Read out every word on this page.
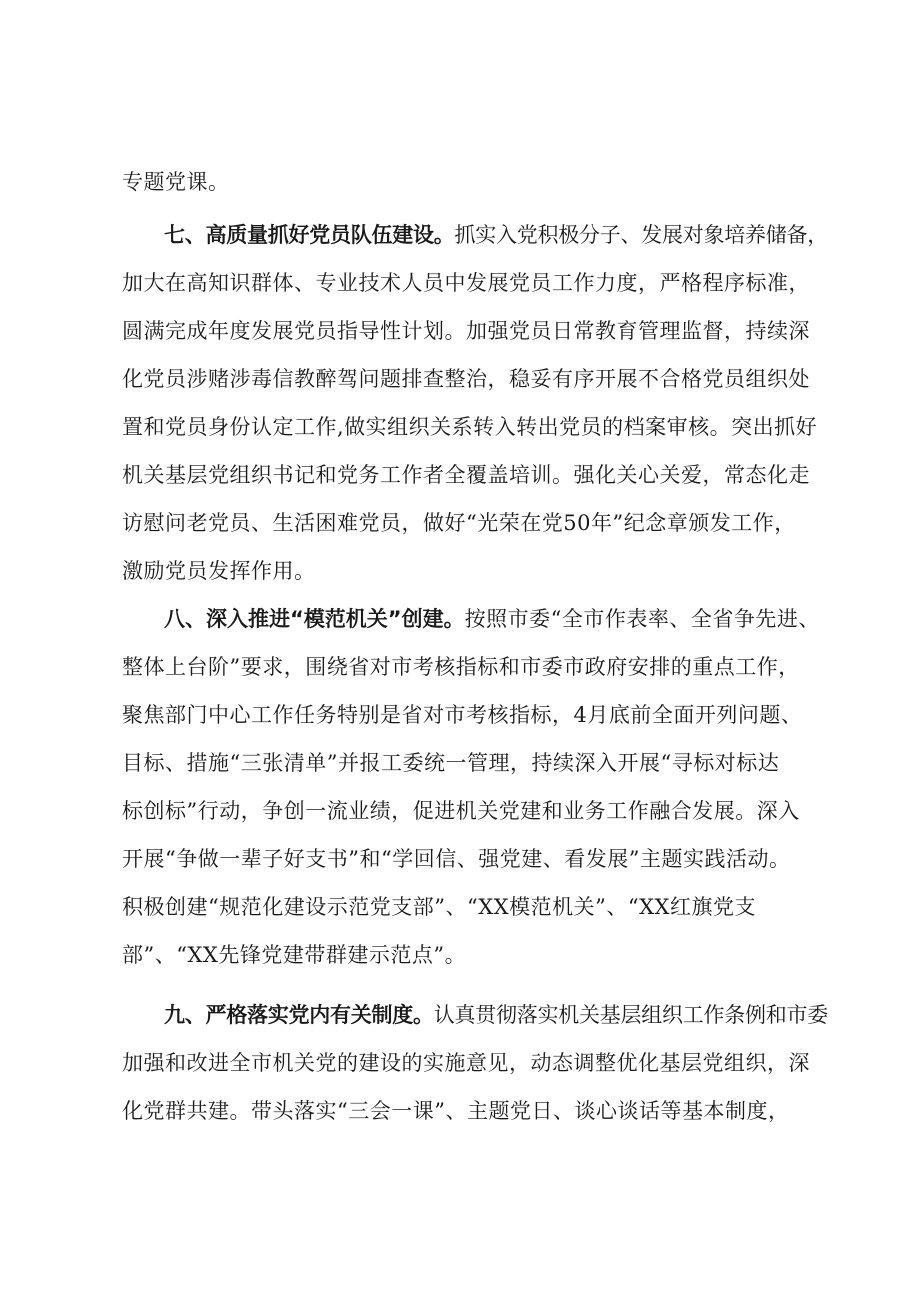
专题党课。
七、高质量抓好党员队伍建设。抓实入党积极分子、发展对象培养储备，
加大在高知识群体、专业技术人员中发展党员工作力度，严格程序标准，
圆满完成年度发展党员指导性计划。加强党员日常教育管理监督，持续深
化党员涉赌涉毒信教醉驾问题排查整治，稳妥有序开展不合格党员组织处
置和党员身份认定工作,做实组织关系转入转出党员的档案审核。突出抓好
机关基层党组织书记和党务工作者全覆盖培训。强化关心关爱，常态化走
访慰问老党员、生活困难党员，做好“光荣在党50年”纪念章颁发工作，
激励党员发挥作用。
八、深入推进“模范机关”创建。按照市委“全市作表率、全省争先进、
整体上台阶”要求，围绕省对市考核指标和市委市政府安排的重点工作，
聚焦部门中心工作任务特别是省对市考核指标，4月底前全面开列问题、
目标、措施“三张清单”并报工委统一管理，持续深入开展“寻标对标达
标创标”行动，争创一流业绩，促进机关党建和业务工作融合发展。深入
开展“争做一辈子好支书”和“学回信、强党建、看发展”主题实践活动。
积极创建“规范化建设示范党支部”、“XX模范机关”、“XX红旗党支
部”、“XX先锋党建带群建示范点”。
九、严格落实党内有关制度。认真贯彻落实机关基层组织工作条例和市委
加强和改进全市机关党的建设的实施意见，动态调整优化基层党组织，深
化党群共建。带头落实“三会一课”、主题党日、谈心谈话等基本制度，
